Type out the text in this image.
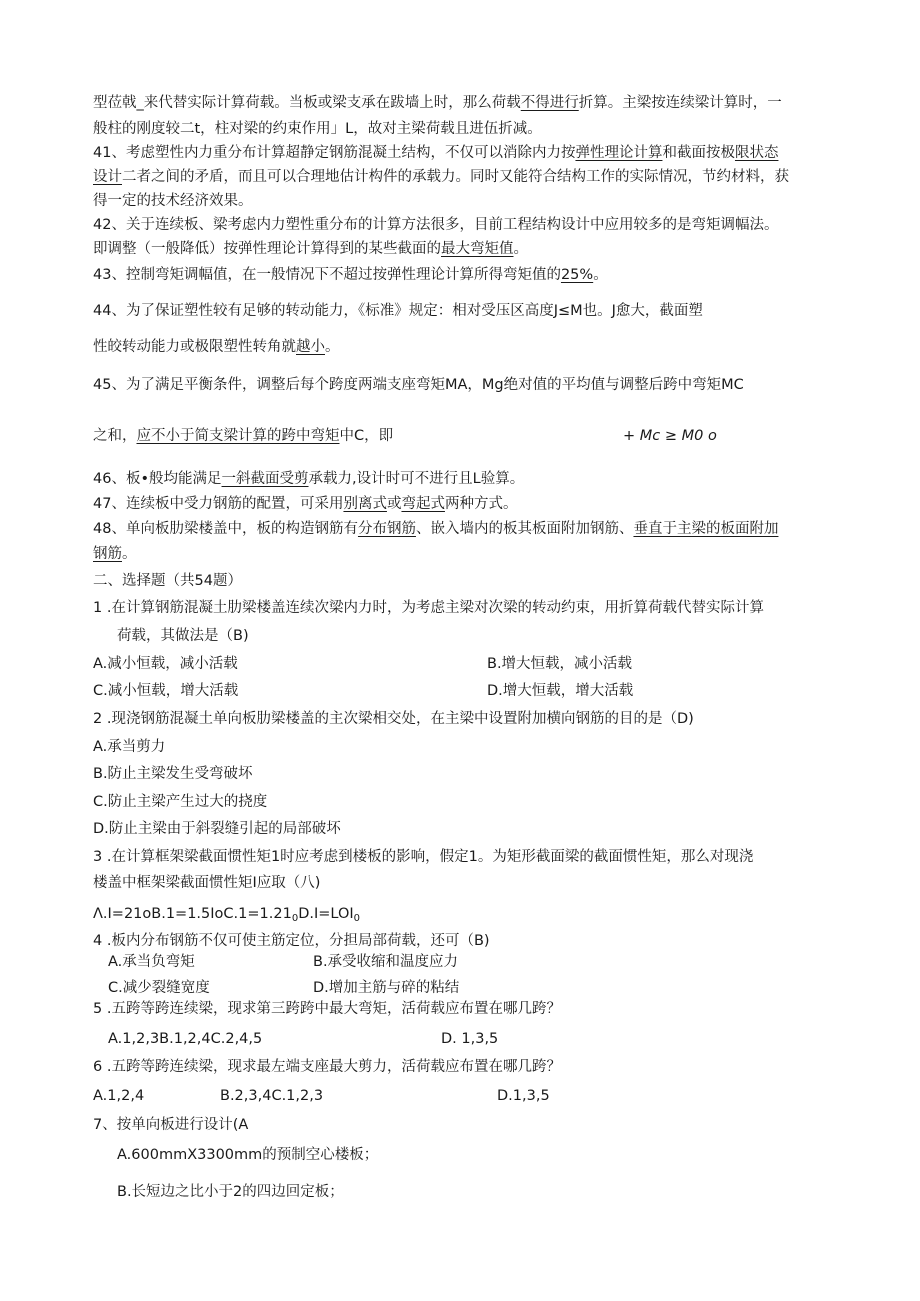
型莅戟_来代替实际计算荷载。当板或梁支承在跋墙上时，那么荷载不得进行折算。主梁按连续梁计算时，一
般柱的刚度较二t，柱对梁的约束作用」L，故对主梁荷载且进伍折减。
41、考虑塑性内力重分布计算超静定钢筋混凝土结构，不仅可以消除内力按弹性理论计算和截面按极限状态
设计二者之间的矛盾，而且可以合理地估计构件的承载力。同时又能符合结构工作的实际情况，节约材料，获
得一定的技术经济效果。
42、关于连续板、梁考虑内力塑性重分布的计算方法很多，目前工程结构设计中应用较多的是弯矩调幅法。
即调整（一般降低）按弹性理论计算得到的某些截面的最大弯矩值。
43、控制弯矩调幅值，在一般情况下不超过按弹性理论计算所得弯矩值的25%。
44、为了保证塑性较有足够的转动能力，《标准》规定：相对受压区高度J≤M也。J愈大，截面塑
性皎转动能力或极限塑性转角就越小。
45、为了满足平衡条件，调整后每个跨度两端支座弯矩MA，Mg绝对值的平均值与调整后跨中弯矩MC
之和，应不小于简支梁计算的跨中弯矩中C，即	+ Mc ≥ M0 o
46、板•般均能满足一斜截面受剪承载力,设计时可不进行且L验算。
47、连续板中受力钢筋的配置，可采用别离式或弯起式两种方式。
48、单向板肋梁楼盖中，板的构造钢筋有分布钢筋、嵌入墙内的板其板面附加钢筋、垂直于主梁的板面附加
钢筋。
二、选择题（共54题）
1 .在计算钢筋混凝土肋梁楼盖连续次梁内力时，为考虑主梁对次梁的转动约束，用折算荷载代替实际计算
荷载，其做法是（B)
A.减小恒载，减小活载	B.增大恒载，减小活载
C.减小恒载，增大活载	D.增大恒载，增大活载
2 .现浇钢筋混凝土单向板肋梁楼盖的主次梁相交处，在主梁中设置附加横向钢筋的目的是（D)
A.承当剪力
B.防止主梁发生受弯破坏
C.防止主梁产生过大的挠度
D.防止主梁由于斜裂缝引起的局部破坏
3 .在计算框架梁截面惯性矩1时应考虑到楼板的影响，假定1。为矩形截面梁的截面惯性矩，那么对现浇
楼盖中框架梁截面惯性矩I应取（八)
$\Lambda.I=21oB.1=1.5IoC.1=1.21_0D.I=LOI_0$
4 .板内分布钢筋不仅可使主筋定位，分担局部荷载，还可（B)
A.承当负弯矩	B.承受收缩和温度应力
C.减少裂缝宽度	D.增加主筋与碎的粘结
5 .五跨等跨连续梁，现求第三跨跨中最大弯矩，活荷载应布置在哪几跨？
A.1,2,3B.1,2,4C.2,4,5	D. 1,3,5
6 .五跨等跨连续梁，现求最左端支座最大剪力，活荷载应布置在哪几跨？
A.1,2,4	B.2,3,4C.1,2,3	D.1,3,5
7、按单向板进行设计(A
A.600mmX3300mm的预制空心楼板；
B.长短边之比小于2的四边回定板；
